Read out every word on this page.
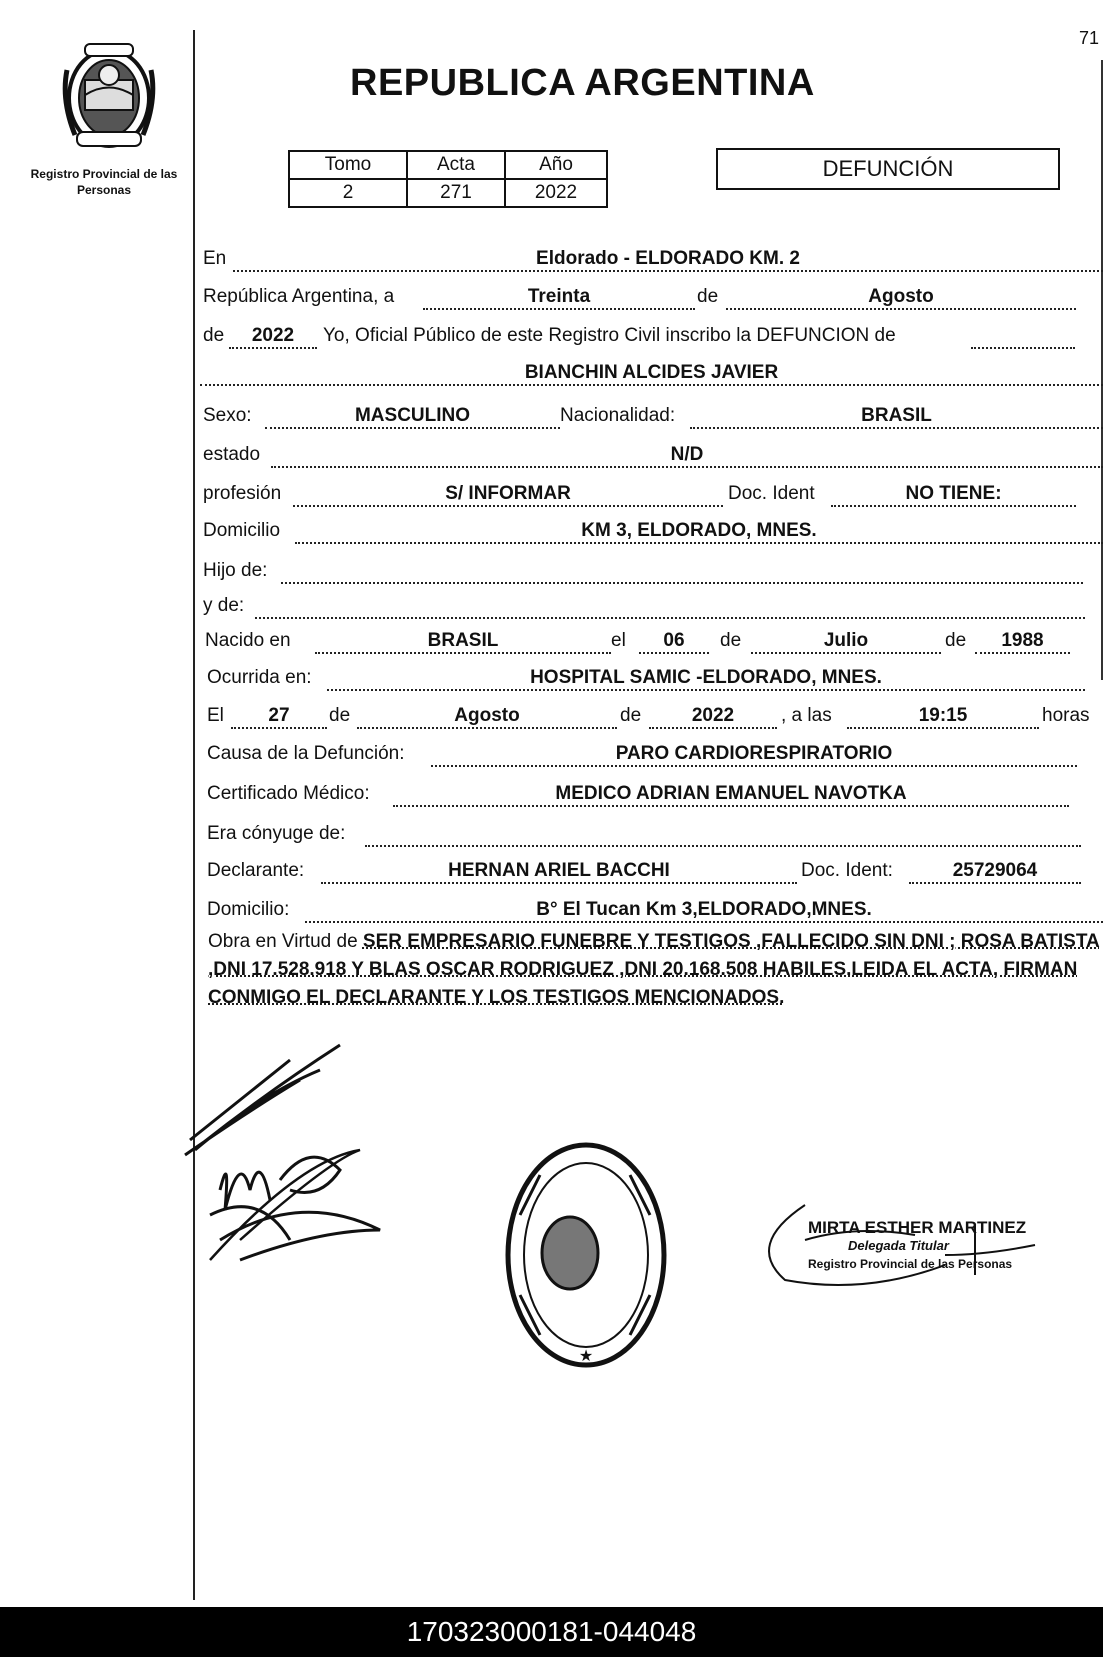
71
Registro Provincial de las Personas
REPUBLICA ARGENTINA
Tomo	Acta	Año
2	271	2022
DEFUNCIÓN
En	Eldorado - ELDORADO KM. 2
República Argentina, a	Treinta	de	Agosto
de	2022	Yo, Oficial Público de este Registro Civil inscribo la DEFUNCION de
BIANCHIN ALCIDES JAVIER
Sexo:	MASCULINO	Nacionalidad:	BRASIL
estado	N/D
profesión	S/ INFORMAR	Doc. Ident	NO TIENE:
Domicilio	KM 3, ELDORADO, MNES.
Hijo de:
y de:
Nacido en	BRASIL	el	06	de	Julio	de	1988
Ocurrida en:	HOSPITAL SAMIC -ELDORADO, MNES.
El	27	de	Agosto	de	2022	, a las	19:15	horas
Causa de la Defunción:	PARO CARDIORESPIRATORIO
Certificado Médico:	MEDICO ADRIAN EMANUEL NAVOTKA
Era cónyuge de:
Declarante:	HERNAN ARIEL BACCHI	Doc. Ident:	25729064
Domicilio:	B° El Tucan Km 3,ELDORADO,MNES.
Obra en Virtud de SER EMPRESARIO FUNEBRE Y TESTIGOS ,FALLECIDO SIN DNI ; ROSA BATISTA ,DNI 17.528.918 Y BLAS OSCAR RODRIGUEZ ,DNI 20.168.508 HABILES.LEIDA EL ACTA, FIRMAN CONMIGO EL DECLARANTE Y LOS TESTIGOS MENCIONADOS.
★
MIRTA ESTHER MARTINEZ
Delegada Titular
Registro Provincial de las Personas
170323000181-044048
